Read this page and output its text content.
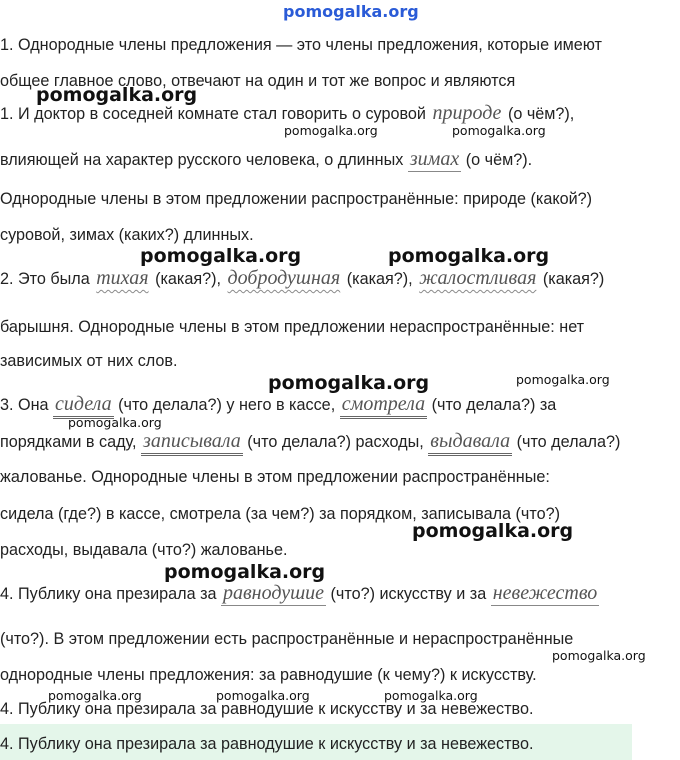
pomogalka.org
1. Однородные члены предложения — это члены предложения, которые имеют
общее главное слово, отвечают на один и тот же вопрос и являются
1. И доктор в соседней комнате стал говорить о суровой природе (о чём?),
влияющей на характер русского человека, о длинных зимах (о чём?).
Однородные члены в этом предложении распространённые: природе (какой?)
суровой, зимах (каких?) длинных.
2. Это была тихая (какая?), добродушная (какая?), жалостливая (какая?)
барышня. Однородные члены в этом предложении нераспространённые: нет
зависимых от них слов.
3. Она сидела (что делала?) у него в кассе, смотрела (что делала?) за
порядками в саду, записывала (что делала?) расходы, выдавала (что делала?)
жалованье. Однородные члены в этом предложении распространённые:
сидела (где?) в кассе, смотрела (за чем?) за порядком, записывала (что?)
расходы, выдавала (что?) жалованье.
4. Публику она презирала за равнодушие (что?) искусству и за невежество
(что?). В этом предложении есть распространённые и нераспространённые
однородные члены предложения: за равнодушие (к чему?) к искусству.
4. Публику она презирала за равнодушие к искусству и за невежество.
4. Публику она презирала за равнодушие к искусству и за невежество.
pomogalka.org
pomogalka.org	pomogalka.org
pomogalka.org	pomogalka.org
pomogalka.org	pomogalka.org
pomogalka.org
pomogalka.org
pomogalka.org
pomogalka.org
pomogalka.org	pomogalka.org	pomogalka.org
